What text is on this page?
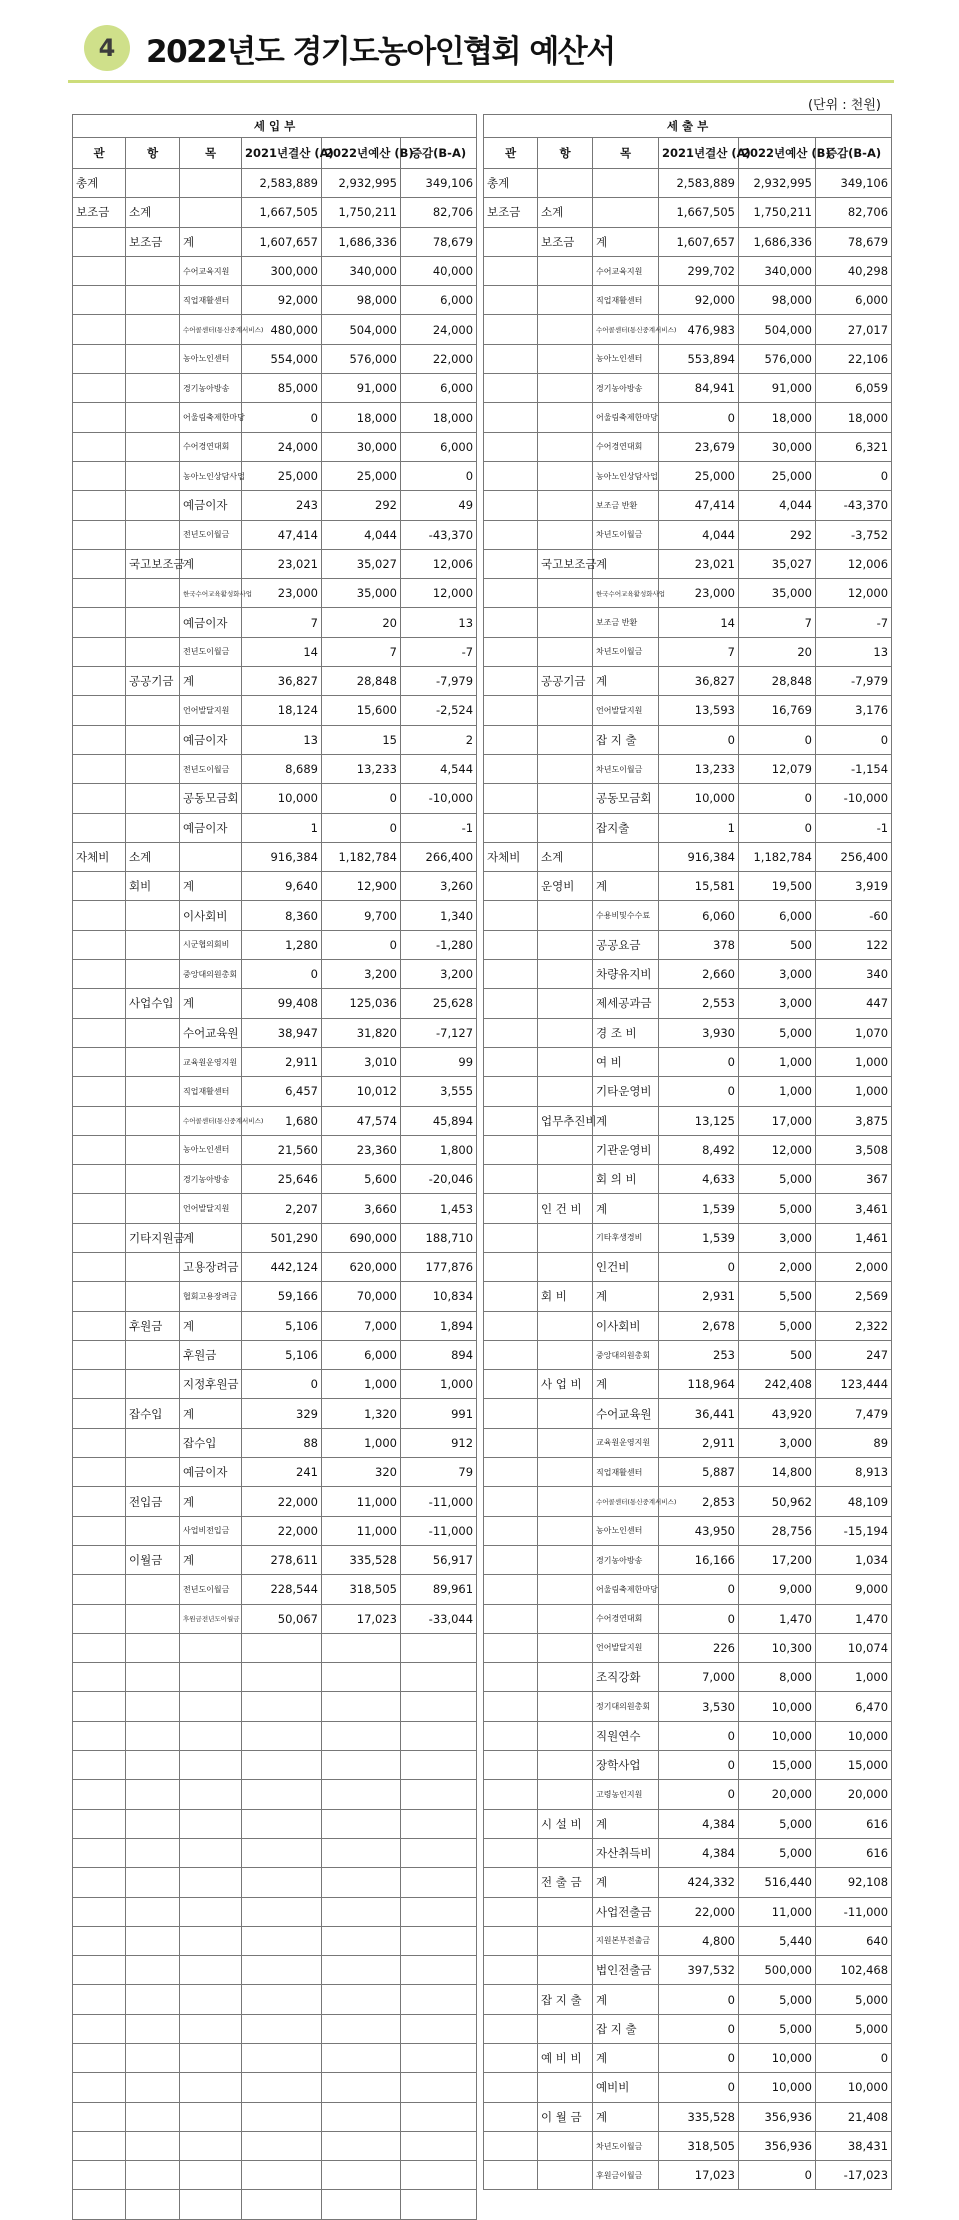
4 2022년도 경기도농아인협회 예산서
(단위 : 천원)
세 입 부					
관	항	목	2021년결산 (A)	2022년예산 (B)	증감(B-A)
총계			2,583,889	2,932,995	349,106
보조금	소계		1,667,505	1,750,211	82,706
	보조금	계	1,607,657	1,686,336	78,679
		수어교육지원	300,000	340,000	40,000
		직업재활센터	92,000	98,000	6,000
		수어콜센터(통신중계서비스)	480,000	504,000	24,000
		농아노인센터	554,000	576,000	22,000
		경기농아방송	85,000	91,000	6,000
		어울림축제한마당	0	18,000	18,000
		수어경연대회	24,000	30,000	6,000
		농아노인상담사업	25,000	25,000	0
		예금이자	243	292	49
		전년도이월금	47,414	4,044	-43,370
	국고보조금	계	23,021	35,027	12,006
		한국수어교육활성화사업	23,000	35,000	12,000
		예금이자	7	20	13
		전년도이월금	14	7	-7
	공공기금	계	36,827	28,848	-7,979
		언어발달지원	18,124	15,600	-2,524
		예금이자	13	15	2
		전년도이월금	8,689	13,233	4,544
		공동모금회	10,000	0	-10,000
		예금이자	1	0	-1
자체비	소계		916,384	1,182,784	266,400
	회비	계	9,640	12,900	3,260
		이사회비	8,360	9,700	1,340
		시군협의회비	1,280	0	-1,280
		중앙대의원총회	0	3,200	3,200
	사업수입	계	99,408	125,036	25,628
		수어교육원	38,947	31,820	-7,127
		교육원운영지원	2,911	3,010	99
		직업재활센터	6,457	10,012	3,555
		수어콜센터(통신중계서비스)	1,680	47,574	45,894
		농아노인센터	21,560	23,360	1,800
		경기농아방송	25,646	5,600	-20,046
		언어발달지원	2,207	3,660	1,453
	기타지원금	계	501,290	690,000	188,710
		고용장려금	442,124	620,000	177,876
		협회고용장려금	59,166	70,000	10,834
	후원금	계	5,106	7,000	1,894
		후원금	5,106	6,000	894
		지정후원금	0	1,000	1,000
	잡수입	계	329	1,320	991
		잡수입	88	1,000	912
		예금이자	241	320	79
	전입금	계	22,000	11,000	-11,000
		사업비전입금	22,000	11,000	-11,000
	이월금	계	278,611	335,528	56,917
		전년도이월금	228,544	318,505	89,961
		후원금전년도이월금	50,067	17,023	-33,044

세 출 부					
관	항	목	2021년결산 (A)	2022년예산 (B)	증감(B-A)
총계			2,583,889	2,932,995	349,106
보조금	소계		1,667,505	1,750,211	82,706
	보조금	계	1,607,657	1,686,336	78,679
		수어교육지원	299,702	340,000	40,298
		직업재활센터	92,000	98,000	6,000
		수어콜센터(통신중계서비스)	476,983	504,000	27,017
		농아노인센터	553,894	576,000	22,106
		경기농아방송	84,941	91,000	6,059
		어울림축제한마당	0	18,000	18,000
		수어경연대회	23,679	30,000	6,321
		농아노인상담사업	25,000	25,000	0
		보조금 반환	47,414	4,044	-43,370
		차년도이월금	4,044	292	-3,752
	국고보조금	계	23,021	35,027	12,006
		한국수어교육활성화사업	23,000	35,000	12,000
		보조금 반환	14	7	-7
		차년도이월금	7	20	13
	공공기금	계	36,827	28,848	-7,979
		언어발달지원	13,593	16,769	3,176
		잡 지 출	0	0	0
		차년도이월금	13,233	12,079	-1,154
		공동모금회	10,000	0	-10,000
		잡지출	1	0	-1
자체비	소계		916,384	1,182,784	256,400
	운영비	계	15,581	19,500	3,919
		수용비및수수료	6,060	6,000	-60
		공공요금	378	500	122
		차량유지비	2,660	3,000	340
		제세공과금	2,553	3,000	447
		경 조 비	3,930	5,000	1,070
		여 비	0	1,000	1,000
		기타운영비	0	1,000	1,000
	업무추진비	계	13,125	17,000	3,875
		기관운영비	8,492	12,000	3,508
		회 의 비	4,633	5,000	367
	인 건 비	계	1,539	5,000	3,461
		기타후생경비	1,539	3,000	1,461
		인건비	0	2,000	2,000
	회 비	계	2,931	5,500	2,569
		이사회비	2,678	5,000	2,322
		중앙대의원총회	253	500	247
	사 업 비	계	118,964	242,408	123,444
		수어교육원	36,441	43,920	7,479
		교육원운영지원	2,911	3,000	89
		직업재활센터	5,887	14,800	8,913
		수어콜센터(통신중계서비스)	2,853	50,962	48,109
		농아노인센터	43,950	28,756	-15,194
		경기농아방송	16,166	17,200	1,034
		어울림축제한마당	0	9,000	9,000
		수어경연대회	0	1,470	1,470
		언어발달지원	226	10,300	10,074
		조직강화	7,000	8,000	1,000
		정기대의원총회	3,530	10,000	6,470
		직원연수	0	10,000	10,000
		장학사업	0	15,000	15,000
		고령농인지원	0	20,000	20,000
	시 설 비	계	4,384	5,000	616
		자산취득비	4,384	5,000	616
	전 출 금	계	424,332	516,440	92,108
		사업전출금	22,000	11,000	-11,000
		지원본부전출금	4,800	5,440	640
		법인전출금	397,532	500,000	102,468
	잡 지 출	계	0	5,000	5,000
		잡 지 출	0	5,000	5,000
	예 비 비	계	0	10,000	0
		예비비	0	10,000	10,000
	이 월 금	계	335,528	356,936	21,408
		차년도이월금	318,505	356,936	38,431
		후원금이월금	17,023	0	-17,023
